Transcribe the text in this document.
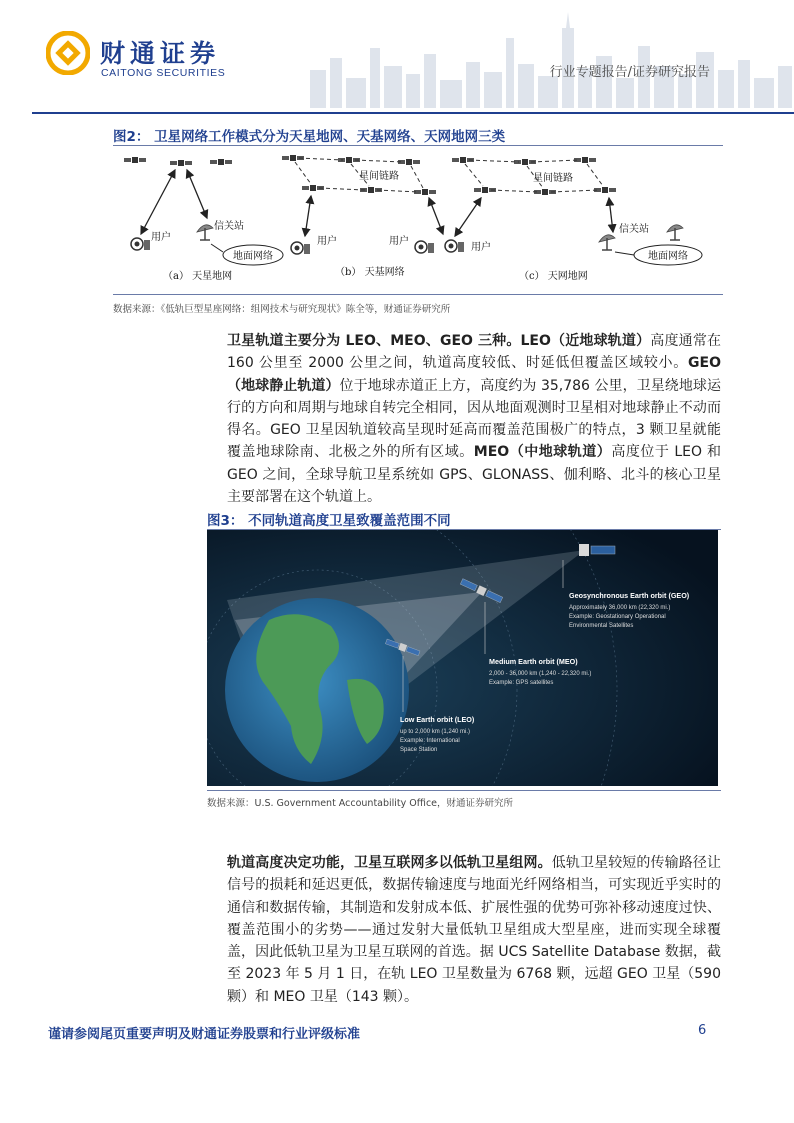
财通证券
CAITONG SECURITIES	行业专题报告/证券研究报告
图2： 卫星网络工作模式分为天星地网、天基网络、天网地网三类
用户
信关站
地面网络
（a） 天星地网
星间链路
用户	用户
（b） 天基网络
星间链路
用户
信关站
地面网络
（c） 天网地网
数据来源：《低轨巨型星座网络：组网技术与研究现状》陈全等，财通证券研究所
卫星轨道主要分为 LEO、MEO、GEO 三种。LEO（近地球轨道）高度通常在 160 公里至 2000 公里之间，轨道高度较低、时延低但覆盖区域较小。GEO（地球静止轨道）位于地球赤道正上方，高度约为 35,786 公里，卫星绕地球运行的方向和周期与地球自转完全相同，因从地面观测时卫星相对地球静止不动而得名。GEO 卫星因轨道较高呈现时延高而覆盖范围极广的特点，3 颗卫星就能覆盖地球除南、北极之外的所有区域。MEO（中地球轨道）高度位于 LEO 和 GEO 之间，全球导航卫星系统如 GPS、GLONASS、伽利略、北斗的核心卫星主要部署在这个轨道上。
图3： 不同轨道高度卫星致覆盖范围不同
Geosynchronous Earth orbit (GEO)
Approximately 36,000 km (22,320 mi.)
Example: Geostationary Operational
Environmental Satellites
Medium Earth orbit (MEO)
2,000 - 36,000 km (1,240 - 22,320 mi.)
Example: GPS satellites
Low Earth orbit (LEO)
up to 2,000 km (1,240 mi.)
Example: International
Space Station
数据来源：U.S. Government Accountability Office，财通证券研究所
轨道高度决定功能，卫星互联网多以低轨卫星组网。低轨卫星较短的传输路径让信号的损耗和延迟更低，数据传输速度与地面光纤网络相当，可实现近乎实时的通信和数据传输，其制造和发射成本低、扩展性强的优势可弥补移动速度过快、覆盖范围小的劣势——通过发射大量低轨卫星组成大型星座，进而实现全球覆盖，因此低轨卫星为卫星互联网的首选。据 UCS Satellite Database 数据，截至 2023 年 5 月 1 日，在轨 LEO 卫星数量为 6768 颗，远超 GEO 卫星（590 颗）和 MEO 卫星（143 颗）。
谨请参阅尾页重要声明及财通证券股票和行业评级标准	6
